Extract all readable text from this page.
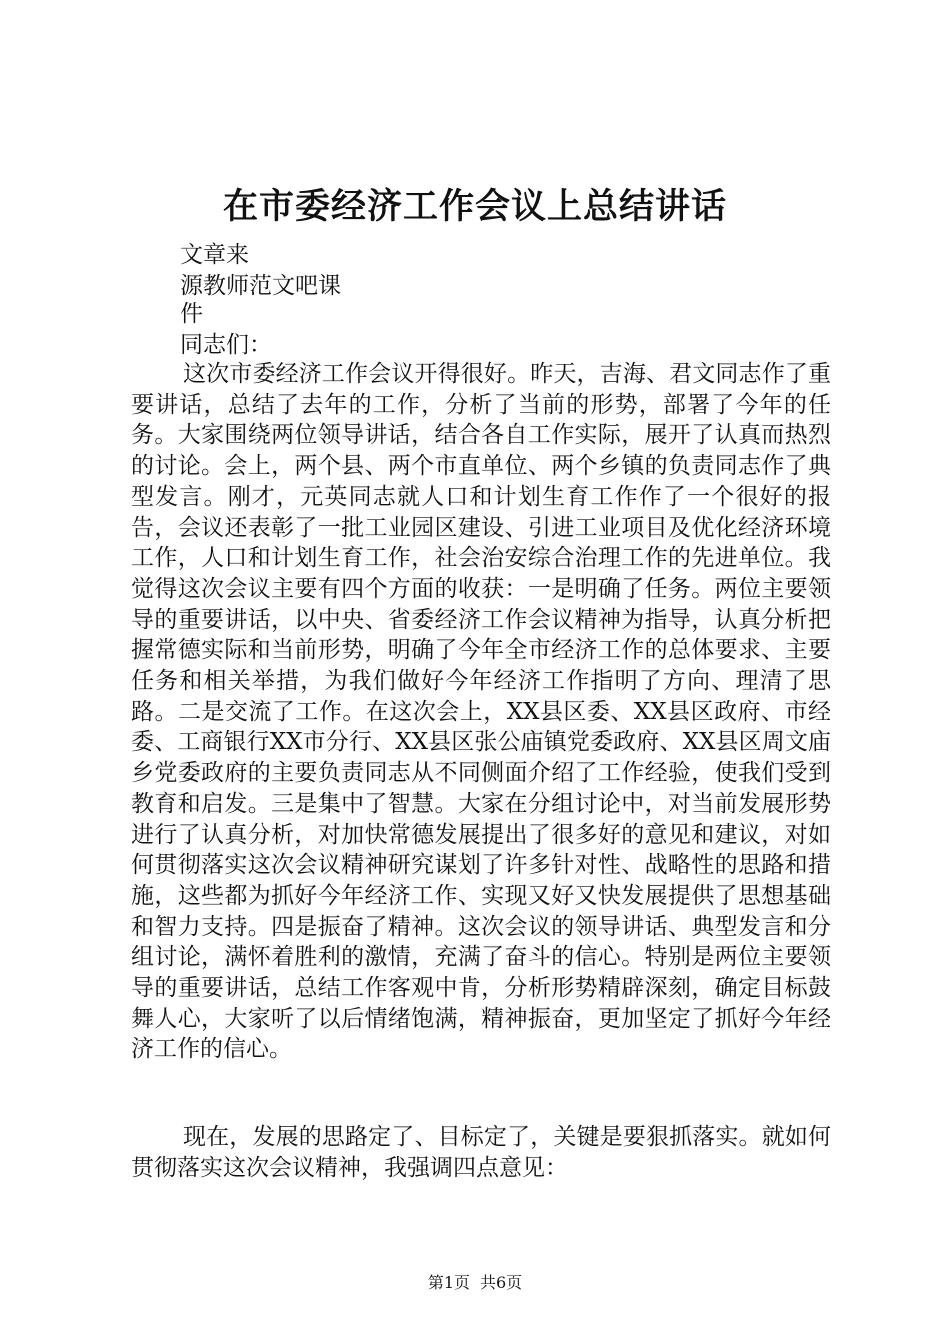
在市委经济工作会议上总结讲话
文章来
源教师范文吧课
件
同志们：

这次市委经济工作会议开得很好。昨天，吉海、君文同志作了重要讲话，总结了去年的工作，分析了当前的形势，部署了今年的任务。大家围绕两位领导讲话，结合各自工作实际，展开了认真而热烈的讨论。会上，两个县、两个市直单位、两个乡镇的负责同志作了典型发言。刚才，元英同志就人口和计划生育工作作了一个很好的报告，会议还表彰了一批工业园区建设、引进工业项目及优化经济环境工作，人口和计划生育工作，社会治安综合治理工作的先进单位。我觉得这次会议主要有四个方面的收获：一是明确了任务。两位主要领导的重要讲话，以中央、省委经济工作会议精神为指导，认真分析把握常德实际和当前形势，明确了今年全市经济工作的总体要求、主要任务和相关举措，为我们做好今年经济工作指明了方向、理清了思路。二是交流了工作。在这次会上，XX县区委、XX县区政府、市经委、工商银行XX市分行、XX县区张公庙镇党委政府、XX县区周文庙乡党委政府的主要负责同志从不同侧面介绍了工作经验，使我们受到教育和启发。三是集中了智慧。大家在分组讨论中，对当前发展形势进行了认真分析，对加快常德发展提出了很多好的意见和建议，对如何贯彻落实这次会议精神研究谋划了许多针对性、战略性的思路和措施，这些都为抓好今年经济工作、实现又好又快发展提供了思想基础和智力支持。四是振奋了精神。这次会议的领导讲话、典型发言和分组讨论，满怀着胜利的激情，充满了奋斗的信心。特别是两位主要领导的重要讲话，总结工作客观中肯，分析形势精辟深刻，确定目标鼓舞人心，大家听了以后情绪饱满，精神振奋，更加坚定了抓好今年经济工作的信心。

现在，发展的思路定了、目标定了，关键是要狠抓落实。就如何贯彻落实这次会议精神，我强调四点意见：

第1页 共6页
